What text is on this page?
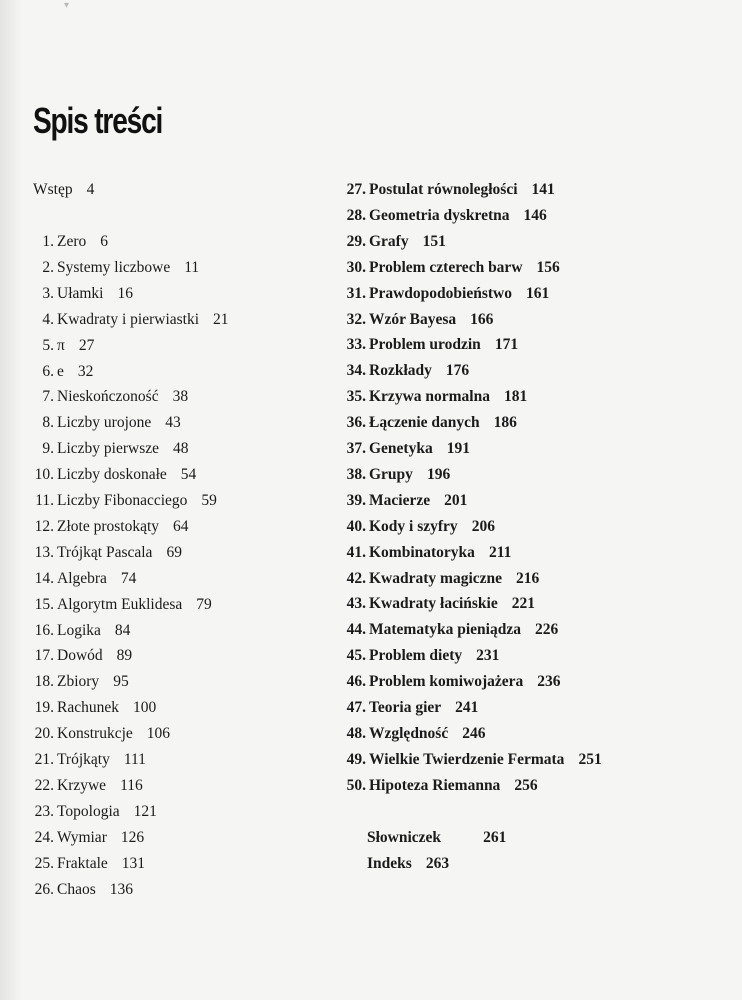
▾
Spis treści
Wstęp 4
1. Zero 6
2. Systemy liczbowe 11
3. Ułamki 16
4. Kwadraty i pierwiastki 21
5. π 27
6. e 32
7. Nieskończoność 38
8. Liczby urojone 43
9. Liczby pierwsze 48
10. Liczby doskonałe 54
11. Liczby Fibonacciego 59
12. Złote prostokąty 64
13. Trójkąt Pascala 69
14. Algebra 74
15. Algorytm Euklidesa 79
16. Logika 84
17. Dowód 89
18. Zbiory 95
19. Rachunek 100
20. Konstrukcje 106
21. Trójkąty 111
22. Krzywe 116
23. Topologia 121
24. Wymiar 126
25. Fraktale 131
26. Chaos 136
27. Postulat równoległości 141
28. Geometria dyskretna 146
29. Grafy 151
30. Problem czterech barw 156
31. Prawdopodobieństwo 161
32. Wzór Bayesa 166
33. Problem urodzin 171
34. Rozkłady 176
35. Krzywa normalna 181
36. Łączenie danych 186
37. Genetyka 191
38. Grupy 196
39. Macierze 201
40. Kody i szyfry 206
41. Kombinatoryka 211
42. Kwadraty magiczne 216
43. Kwadraty łacińskie 221
44. Matematyka pieniądza 226
45. Problem diety 231
46. Problem komiwojażera 236
47. Teoria gier 241
48. Względność 246
49. Wielkie Twierdzenie Fermata 251
50. Hipoteza Riemanna 256
Słowniczek	261
Indeks 263
